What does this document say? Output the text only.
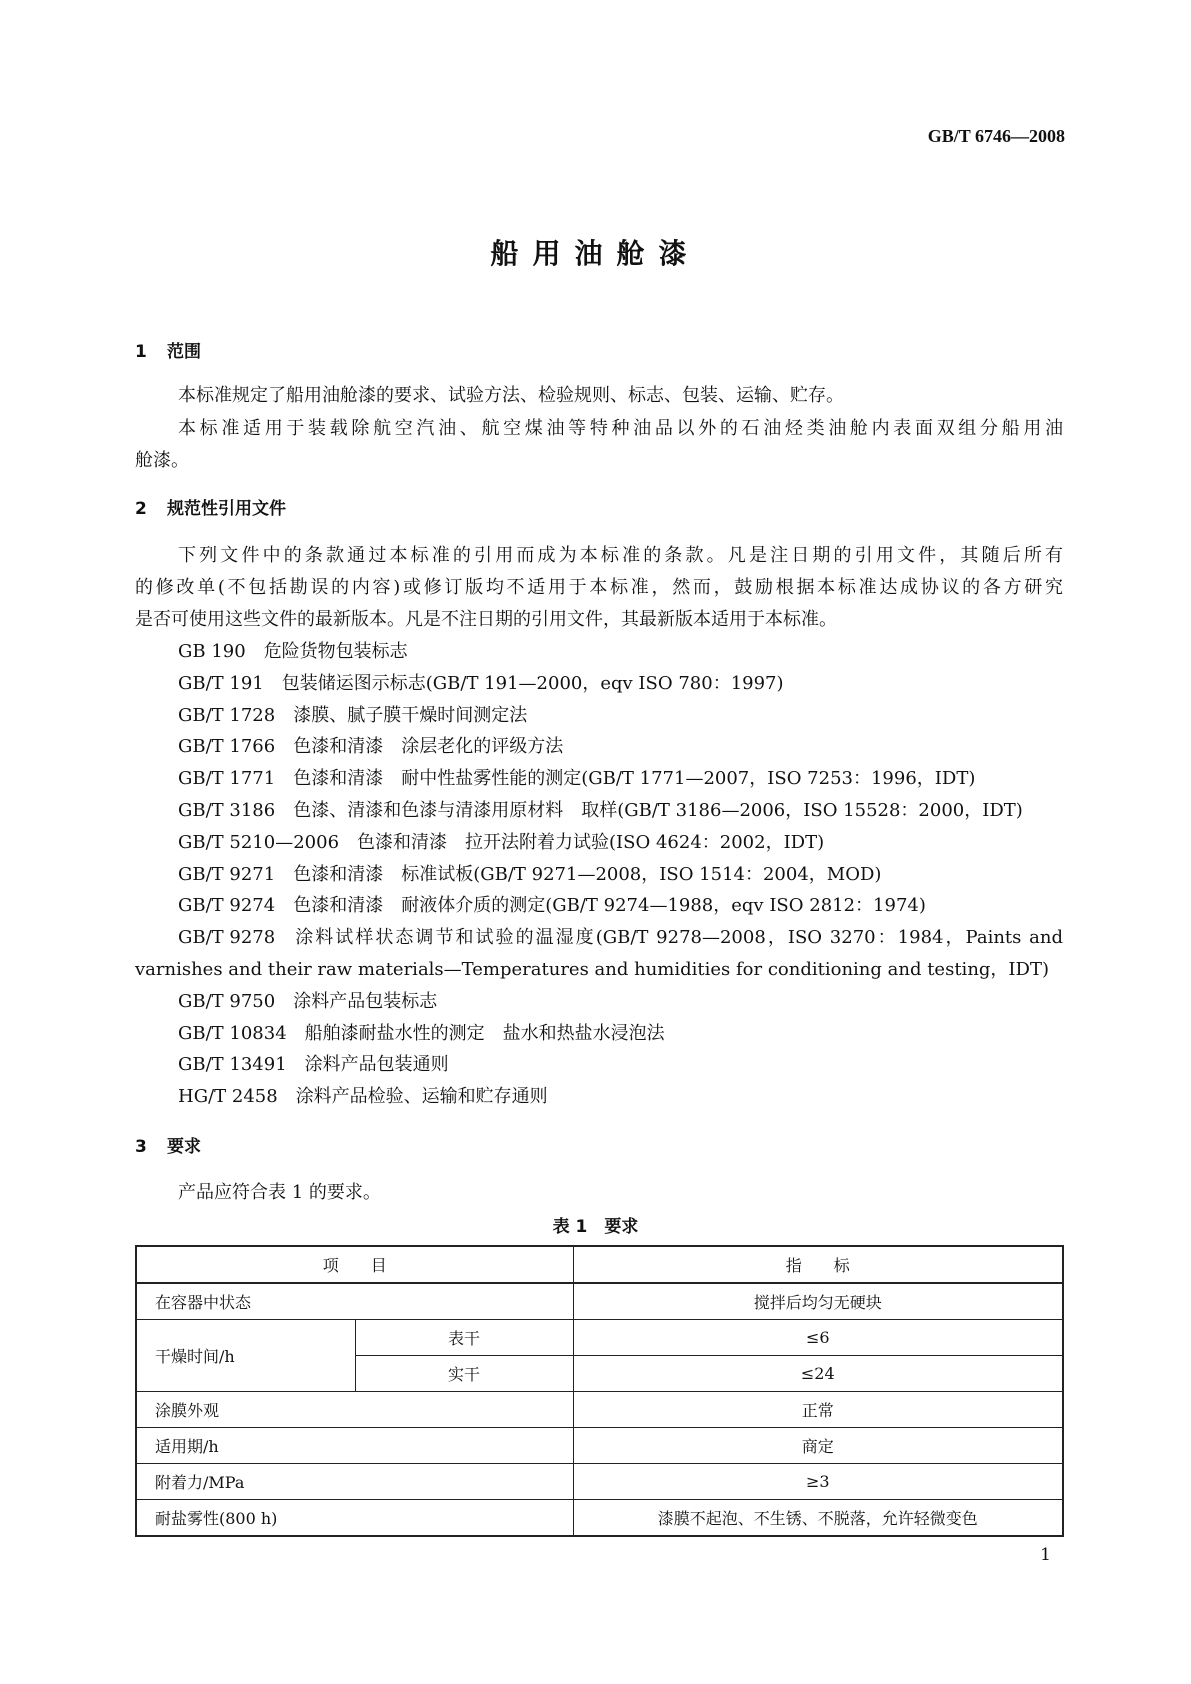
GB/T 6746—2008
船用油舱漆
1 范围
本标准规定了船用油舱漆的要求、试验方法、检验规则、标志、包装、运输、贮存。
本标准适用于装载除航空汽油、航空煤油等特种油品以外的石油烃类油舱内表面双组分船用油
舱漆。
2 规范性引用文件
下列文件中的条款通过本标准的引用而成为本标准的条款。凡是注日期的引用文件，其随后所有
的修改单(不包括勘误的内容)或修订版均不适用于本标准，然而，鼓励根据本标准达成协议的各方研究
是否可使用这些文件的最新版本。凡是不注日期的引用文件，其最新版本适用于本标准。
GB 190 危险货物包装标志
GB/T 191 包装储运图示标志(GB/T 191—2000，eqv ISO 780：1997)
GB/T 1728 漆膜、腻子膜干燥时间测定法
GB/T 1766 色漆和清漆　涂层老化的评级方法
GB/T 1771 色漆和清漆　耐中性盐雾性能的测定(GB/T 1771—2007，ISO 7253：1996，IDT)
GB/T 3186 色漆、清漆和色漆与清漆用原材料　取样(GB/T 3186—2006，ISO 15528：2000，IDT)
GB/T 5210—2006 色漆和清漆　拉开法附着力试验(ISO 4624：2002，IDT)
GB/T 9271 色漆和清漆　标准试板(GB/T 9271—2008，ISO 1514：2004，MOD)
GB/T 9274 色漆和清漆　耐液体介质的测定(GB/T 9274—1988，eqv ISO 2812：1974)
GB/T 9278 涂料试样状态调节和试验的温湿度(GB/T 9278—2008，ISO 3270：1984，Paints and
varnishes and their raw materials—Temperatures and humidities for conditioning and testing，IDT)
GB/T 9750 涂料产品包装标志
GB/T 10834 船舶漆耐盐水性的测定　盐水和热盐水浸泡法
GB/T 13491 涂料产品包装通则
HG/T 2458 涂料产品检验、运输和贮存通则
3 要求
产品应符合表 1 的要求。
表 1　要求
项　　目		指　　标
在容器中状态		搅拌后均匀无硬块
干燥时间/h	表干	≤6
	实干	≤24
涂膜外观		正常
适用期/h		商定
附着力/MPa		≥3
耐盐雾性(800 h)		漆膜不起泡、不生锈、不脱落，允许轻微变色
1
